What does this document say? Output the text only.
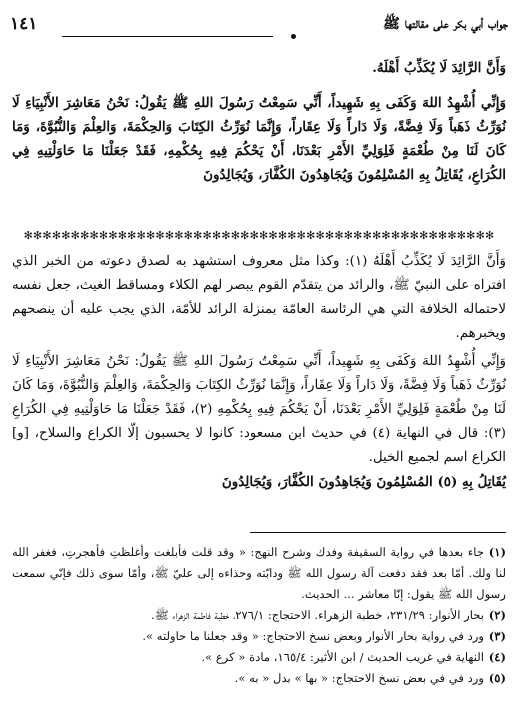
١٤١	جواب أبي بكر على مقالتها ﷺ

وَأَنَّ الرَّائِدَ لَا يُكَذِّبُ أَهْلَهُ.

وَإِنِّي أُشْهِدُ اللهَ وَكَفَى بِهِ شَهِيداً، أَنِّي سَمِعْتُ رَسُولَ اللهِ ﷺ يَقُولُ: نَحْنُ مَعَاشِرَ الأَنْبِيَاءِ لَا نُوَرِّثُ ذَهَباً وَلَا فِضَّةً، وَلَا دَاراً وَلَا عِقَاراً، وَإِنَّمَا نُوَرِّثُ الكِتَابَ وَالحِكْمَةَ، وَالعِلْمَ وَالنُّبُوَّةَ، وَمَا كَانَ لَنَا مِنْ طُعْمَةٍ فَلِوَلِيِّ الأَمْرِ بَعْدَنَا، أَنْ يَحْكُمَ فِيهِ بِحُكْمِهِ، فَقَدْ جَعَلْنَا مَا حَاوَلْتِيهِ فِي الكُرَاعِ، يُقَاتِلُ بِهِ المُسْلِمُونَ وَيُجَاهِدُونَ الكُفَّارَ، وَيُجَالِدُونَ

✻✻✻✻✻✻✻✻✻✻✻✻✻✻✻✻✻✻✻✻✻✻✻✻✻✻✻✻✻✻✻✻✻✻✻✻✻✻✻✻✻✻✻✻✻✻✻✻✻✻

وَأَنَّ الرَّائِدَ لَا يُكَذِّبُ أَهْلَهُ (١): وكذا مثل معروف استشهد به لصدق دعوته من الخبر الذي افتراه على النبيّ ﷺ، والرائد من يتقدّم القوم يبصر لهم الكلاء ومساقط الغيث، جعل نفسه لاحتماله الخلافة التي هي الرئاسة العامّة بمنزلة الرائد للأمّة، الذي يجب عليه أن ينصحهم ويخبرهم.

وَإِنِّي أُشْهِدُ اللهَ وَكَفَى بِهِ شَهِيداً، أَنِّي سَمِعْتُ رَسُولَ اللهِ ﷺ يَقُولُ: نَحْنُ مَعَاشِرَ الأَنْبِيَاءِ لَا نُوَرِّثُ ذَهَباً وَلَا فِضَّةً، وَلَا دَاراً وَلَا عِقَاراً، وَإِنَّمَا نُوَرِّثُ الكِتَابَ وَالحِكْمَةَ، وَالعِلْمَ وَالنُّبُوَّةَ، وَمَا كَانَ لَنَا مِنْ طُعْمَةٍ فَلِوَلِيِّ الأَمْرِ بَعْدَنَا، أَنْ يَحْكُمَ فِيهِ بِحُكْمِهِ (٢)، فَقَدْ جَعَلْنَا مَا حَاوَلْتِيهِ فِي الكُرَاعِ (٣): قال في النهاية (٤) في حديث ابن مسعود: كانوا لا يحسبون إلّا الكراع والسلاح، [و] الكراع اسم لجميع الخيل.

يُقَاتِلُ بِهِ (٥) المُسْلِمُونَ وَيُجَاهِدُونَ الكُفَّارَ، وَيُجَالِدُونَ

(١)جاء بعدها في رواية السقيفة وفدك وشرح النهج: « وقد قلت فأبلغت وأغلظتِ فأهجرتِ، فغفر الله لنا ولك. أمّا بعد فقد دفعت آلة رسول الله ﷺ ودابّته وحذاءه إلى عليّ ﷺ، وأمّا سوى ذلك فإنّي سمعت رسول الله ﷺ يقول: إنّا معاشر ... الحديث.

(٢)بحار الأنوار: ٢٣١/٢٩، خطبة الزهراء. الاحتجاج: ٢٧٦/١، خطبة فاطمة الزهراء ﷺ.

(٣)ورد في رواية بحار الأنوار وبعض نسخ الاحتجاج: « وقد جعلنا ما حاولته ».

(٤)النهاية في غريب الحديث / ابن الأثير: ١٦٥/٤، مادة « كرع ».

(٥)ورد في في بعض نسخ الاحتجاج: « بها » بدل « به ».
